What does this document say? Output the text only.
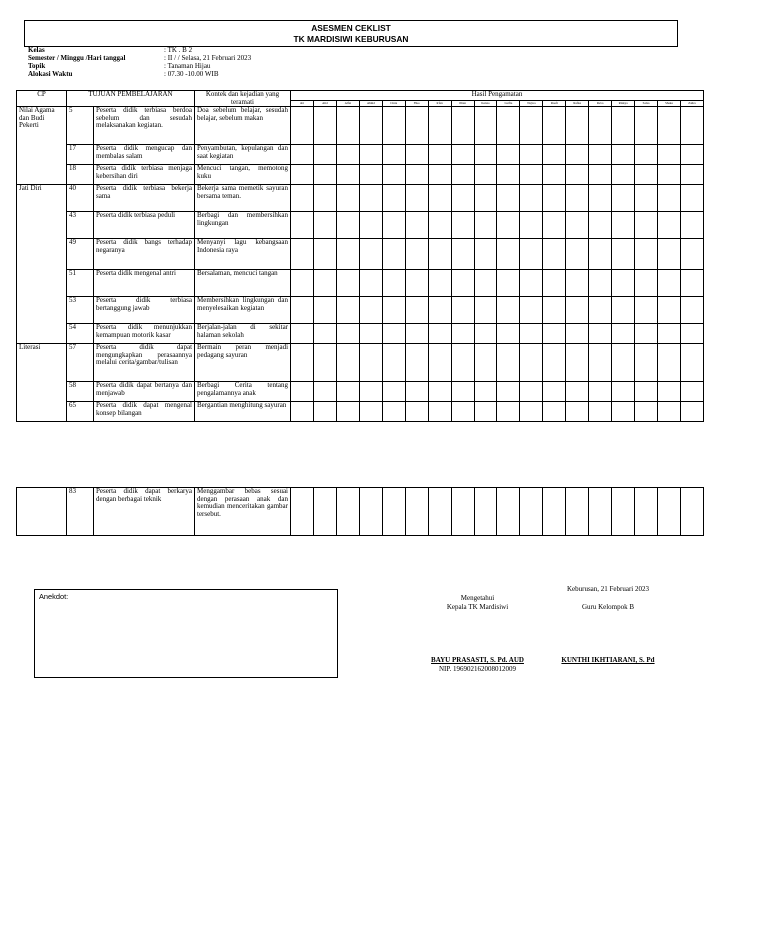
ASESMEN CEKLIST
TK MARDISIWI KEBURUSAN
Kelas	: TK . B 2
Semester / Minggu /Hari tanggal	: II / / Selasa, 21 Februari 2023
Topik	: Tanaman Hijau
Alokasi Waktu	: 07.30 -10.00 WIB
CP	TUJUAN PEMBELAJARAN		Kontek dan kejadian yang teramati	Hasil Pengamatan																	
				abi	Ahd	Alfat	Ahmd	Cinta	Fiko	Irfan	Jihan	Kenzo	Lutfia	Najwa	Raafi	Rafka	Reva	Rizkya	Salsa	Shaka	Zahra
Nilai Agama dan Budi Pekerti	5	Peserta didik terbiasa berdoa sebelum dan sesudah melaksanakan kegiatan.	Doa sebelum belajar, sesudah belajar, sebelum makan																		
	17	Peserta didik mengucap dan membalas salam	Penyambutan, kepulangan dan saat kegiatan																		
	18	Peserta didik terbiasa menjaga kebersihan diri	Mencuci tangan, memotong kuku																		
Jati Diri	40	Peserta didik terbiasa bekerja sama	Bekerja sama memetik sayuran bersama teman.																		
	43	Peserta didik terbiasa peduli	Berbagi dan membersihkan lingkungan																		
	49	Peserta didik bangs terhadap negaranya	Menyanyi lagu kebangsaan Indonesia raya																		
	51	Peserta didik mengenal antri	Bersalaman, mencuci tangan																		
	53	Peserta didik terbiasa bertanggung jawab	Membersihkan lingkungan dan menyelesaikan kegiatan																		
	54	Peserta didik menunjukkan kemampuan motorik kasar	Berjalan-jalan di sekitar halaman sekolah																		
Literasi	57	Peserta didik dapat mengungkapkan perasaannya melalui cerita/gambar/tulisan	Bermain peran menjadi pedagang sayuran																		
	58	Peserta didik dapat bertanya dan menjawab	Berbagi Cerita tentang pengalamannya anak																		
	65	Peserta didik dapat mengenal konsep bilangan	Bergantian menghitung sayuran																		
	83	Peserta didik dapat berkarya dengan berbagai teknik	Menggambar bebas sesuai dengan perasaan anak dan kemudian menceritakan gambar tersebut.																		
Anekdot:
Keburusan, 21 Februari 2023
Mengetahui
Kepala TK Mardisiwi	Guru Kelompok B
BAYU PRASASTI, S. Pd. AUD
NIP. 196902162008012009
KUNTHI IKHTIARANI, S. Pd
